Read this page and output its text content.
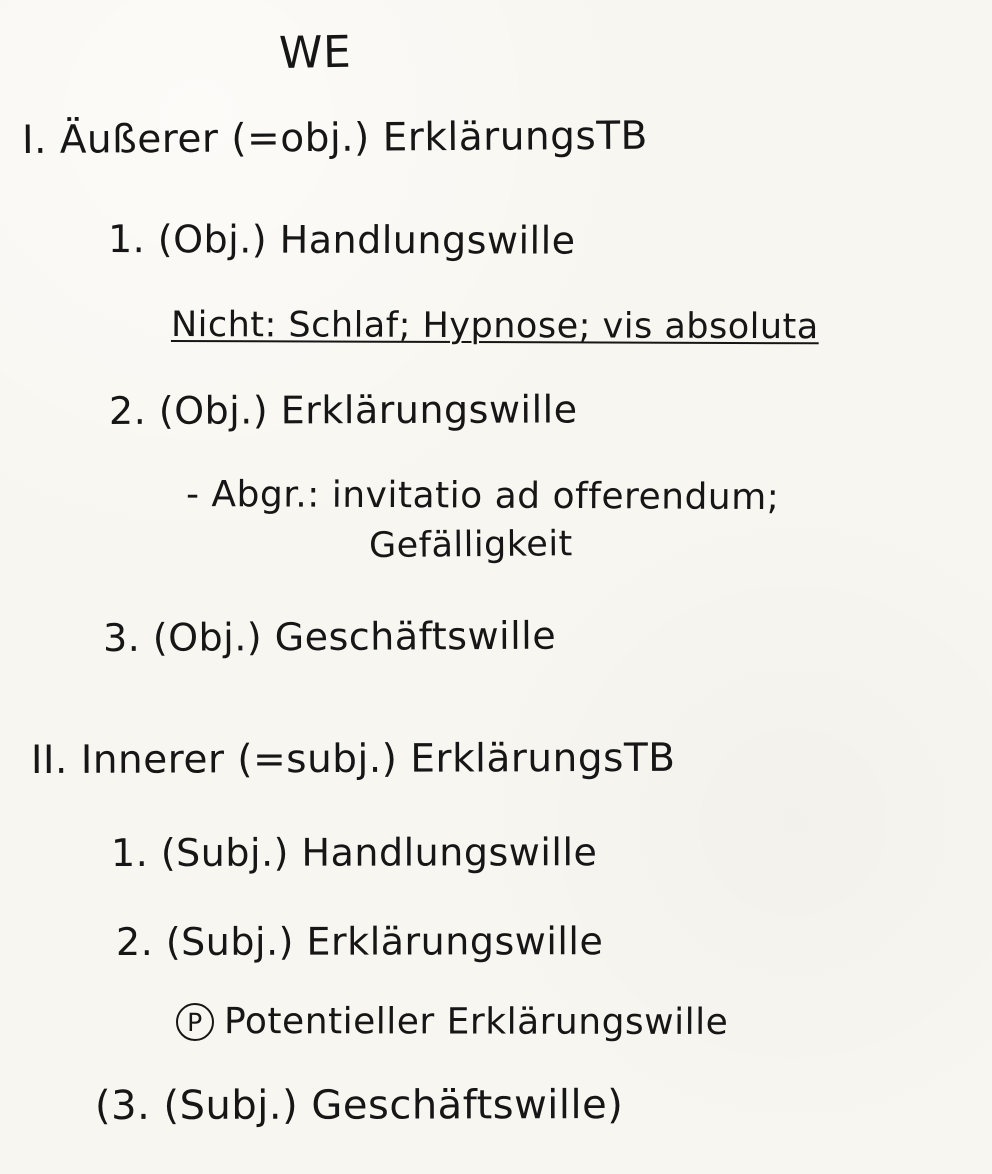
WE
I. Äußerer (=obj.) ErklärungsTB
1. (Obj.) Handlungswille
Nicht: Schlaf; Hypnose; vis absoluta
2. (Obj.) Erklärungswille
- Abgr.: invitatio ad offerendum;
Gefälligkeit
3. (Obj.) Geschäftswille
II. Innerer (=subj.) ErklärungsTB
1. (Subj.) Handlungswille
2. (Subj.) Erklärungswille
P Potentieller Erklärungswille
(3. (Subj.) Geschäftswille)
